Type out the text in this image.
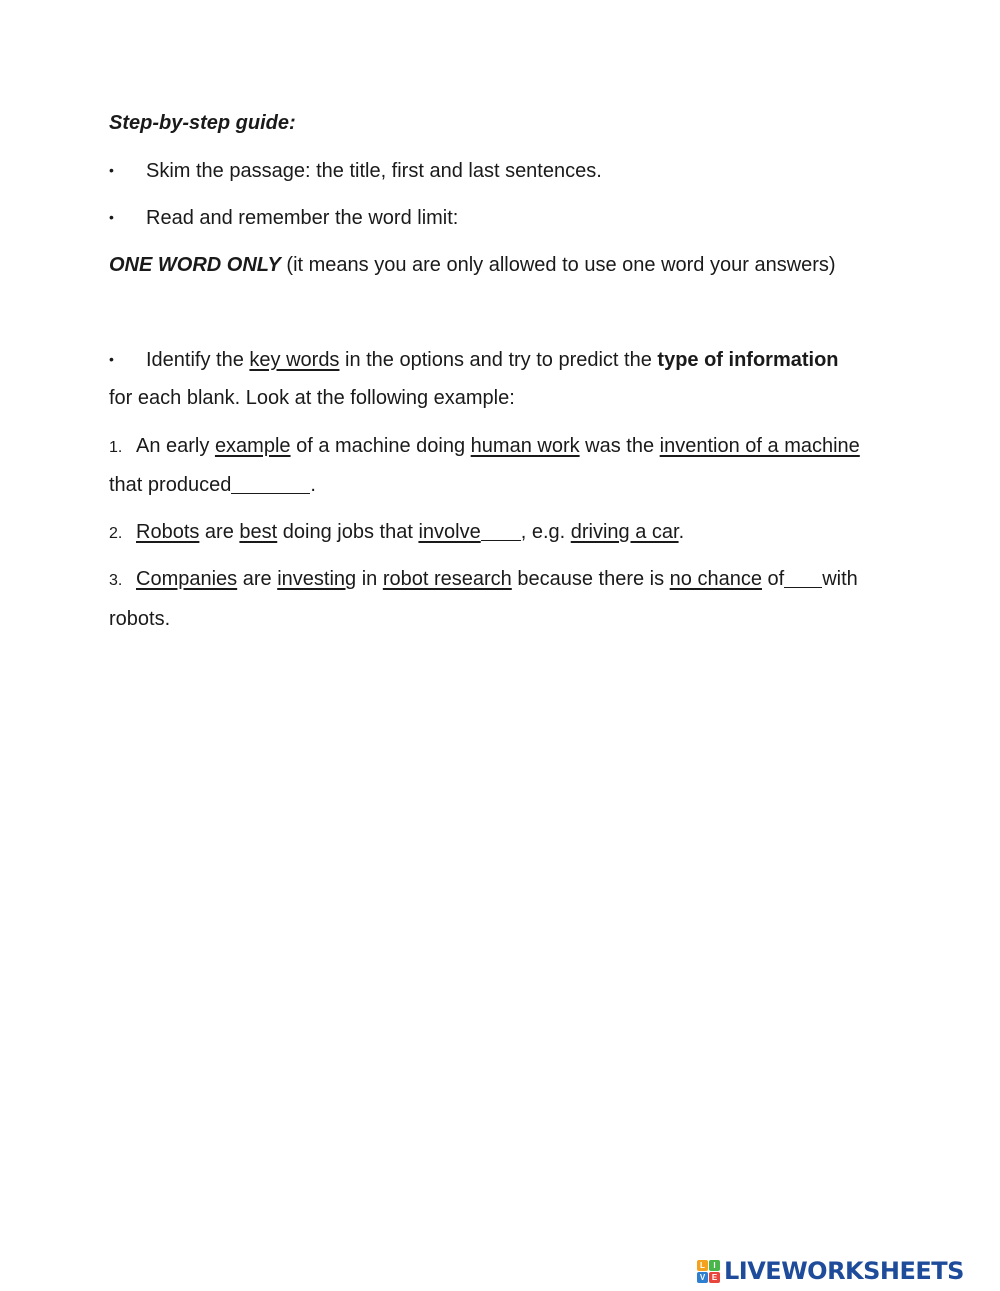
Step-by-step guide:
• Skim the passage: the title, first and last sentences.
• Read and remember the word limit:
ONE WORD ONLY (it means you are only allowed to use one word your answers)
• Identify the key words in the options and try to predict the type of information
for each blank. Look at the following example:
1. An early example of a machine doing human work was the invention of a machine
that produced	.
2. Robots are best doing jobs that involve , e.g. driving a car.
3. Companies are investing in robot research because there is no chance of with
robots.
L	I
V E LIVEWORKSHEETS
